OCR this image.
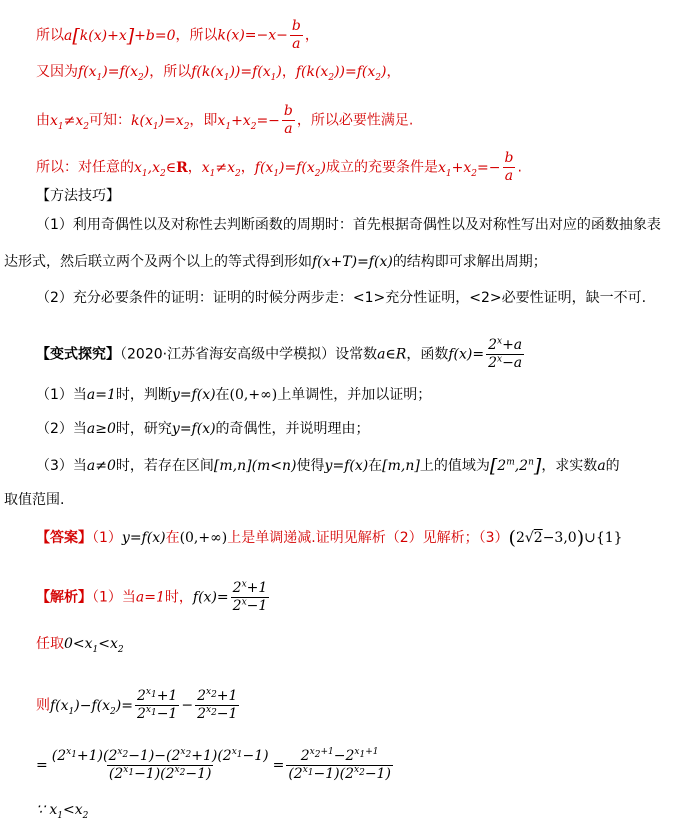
所以a[k(x)+x]+b=0，所以$k(x)=-x- \frac{b}{a}$ ，
又因为$f(x_1)=f(x_2)$，所以$f(k(x_1))=f(x_1)$，$f(k(x_2))=f(x_2)$，
由$x_1\ne x_2$可知：$k(x_1)=x_2$，即$x_1+x_2=- \frac{b}{a}$ ，所以必要性满足.
所以：对任意的$x_1,x_2\in R$，$x_1\ne x_2$，$f(x_1)=f(x_2)$成立的充要条件是$x_1+x_2=- \frac{b}{a}$ .
【方法技巧】
（1）利用奇偶性以及对称性去判断函数的周期时：首先根据奇偶性以及对称性写出对应的函数抽象表
达形式，然后联立两个及两个以上的等式得到形如f(x+T)=f(x)的结构即可求解出周期；
（2）充分必要条件的证明：证明的时候分两步走：<1>充分性证明，<2>必要性证明，缺一不可.
【变式探究】（2020·江苏省海安高级中学模拟）设常数a∈R，函数$f(x)= \frac{2^x+a}{2^x-a}$
（1）当a=1时，判断y=f(x)在(0,+∞)上单调性，并加以证明；
（2）当a≥0时，研究y=f(x)的奇偶性，并说明理由；
（3）当a≠0时，若存在区间[m,n](m<n)使得y=f(x)在[m,n]上的值域为[2$^m$,2$^n$]，求实数a的
取值范围.
【答案】（1）y=f(x)在(0,+∞)上是单调递减.证明见解析（2）见解析；（3）(2√2−3,0)∪{1}
【解析】（1）当a=1时，$f(x)= \frac{2^x+1}{2^x-1}$
任取$0<x_1<x_2$
则$f(x_1)-f(x_2)= \frac{2^{x_1}+1}{2^{x_1}-1} - \frac{2^{x_2}+1}{2^{x_2}-1}$
= $\frac{(2^{x_1}+1)(2^{x_2}-1)-(2^{x_2}+1)(2^{x_1}-1)}{(2^{x_1}-1)(2^{x_2}-1)} = \frac{2^{x_2+1}-2^{x_1+1}}{(2^{x_1}-1)(2^{x_2}-1)}$
∵ $x_1<x_2$
